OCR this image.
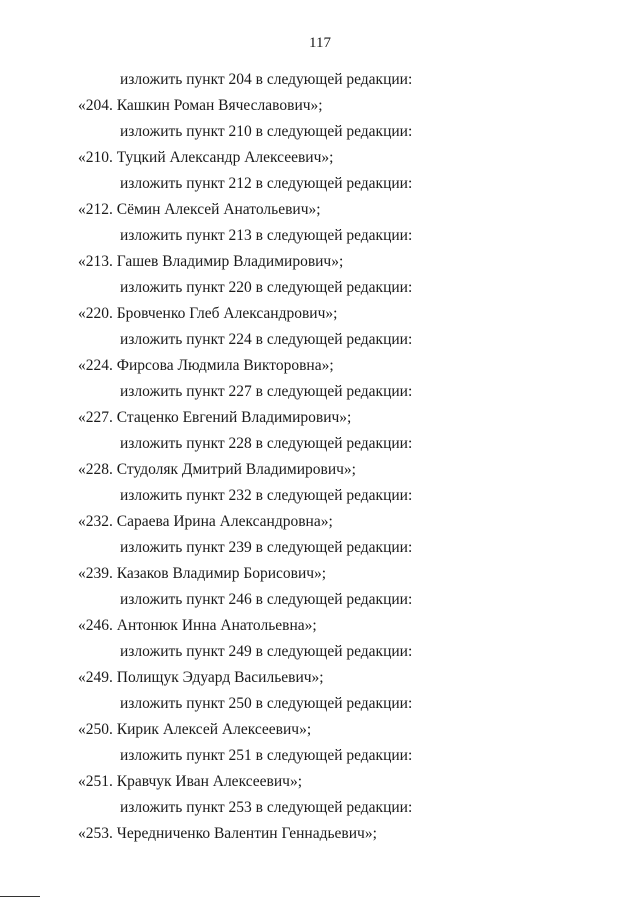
117
изложить пункт 204 в следующей редакции:
«204. Кашкин Роман Вячеславович»;
изложить пункт 210 в следующей редакции:
«210. Туцкий Александр Алексеевич»;
изложить пункт 212 в следующей редакции:
«212. Сёмин Алексей Анатольевич»;
изложить пункт 213 в следующей редакции:
«213. Гашев Владимир Владимирович»;
изложить пункт 220 в следующей редакции:
«220. Бровченко Глеб Александрович»;
изложить пункт 224 в следующей редакции:
«224. Фирсова Людмила Викторовна»;
изложить пункт 227 в следующей редакции:
«227. Стаценко Евгений Владимирович»;
изложить пункт 228 в следующей редакции:
«228. Студоляк Дмитрий Владимирович»;
изложить пункт 232 в следующей редакции:
«232. Сараева Ирина Александровна»;
изложить пункт 239 в следующей редакции:
«239. Казаков Владимир Борисович»;
изложить пункт 246 в следующей редакции:
«246. Антонюк Инна Анатольевна»;
изложить пункт 249 в следующей редакции:
«249. Полищук Эдуард Васильевич»;
изложить пункт 250 в следующей редакции:
«250. Кирик Алексей Алексеевич»;
изложить пункт 251 в следующей редакции:
«251. Кравчук Иван Алексеевич»;
изложить пункт 253 в следующей редакции:
«253. Чередниченко Валентин Геннадьевич»;
